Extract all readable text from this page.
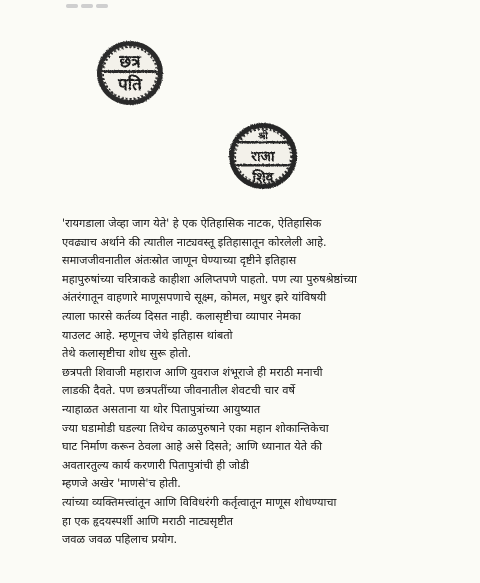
छत्र
पति
श्री
राजा
शिव
'रायगडाला जेव्हा जाग येते' हे एक ऐतिहासिक नाटक, ऐतिहासिक
एवढ्याच अर्थाने की त्यातील नाट्यवस्तू इतिहासातून कोरलेली आहे.
समाजजीवनातील अंतःस्रोत जाणून घेण्याच्या दृष्टीने इतिहास
महापुरुषांच्या चरित्राकडे काहीशा अलिप्तपणे पाहतो. पण त्या पुरुषश्रेष्ठांच्या
अंतरंगातून वाहणारे माणूसपणाचे सूक्ष्म, कोमल, मधुर झरे यांविषयी
त्याला फारसे कर्तव्य दिसत नाही. कलासृष्टीचा व्यापार नेमका
याउलट आहे. म्हणूनच जेथे इतिहास थांबतो
तेथे कलासृष्टीचा शोध सुरू होतो.
छत्रपती शिवाजी महाराज आणि युवराज शंभूराजे ही मराठी मनाची
लाडकी दैवते. पण छत्रपतींच्या जीवनातील शेवटची चार वर्षे
न्याहाळत असताना या थोर पितापुत्रांच्या आयुष्यात
ज्या घडामोडी घडल्या तिथेच काळपुरुषाने एका महान शोकान्तिकेचा
घाट निर्माण करून ठेवला आहे असे दिसते; आणि ध्यानात येते की
अवतारतुल्य कार्य करणारी पितापुत्रांची ही जोडी
म्हणजे अखेर 'माणसे'च होती.
त्यांच्या व्यक्तिमत्त्वांतून आणि विविधरंगी कर्तृत्वातून माणूस शोधण्याचा
हा एक हृदयस्पर्शी आणि मराठी नाट्यसृष्टीत
जवळ जवळ पहिलाच प्रयोग.
